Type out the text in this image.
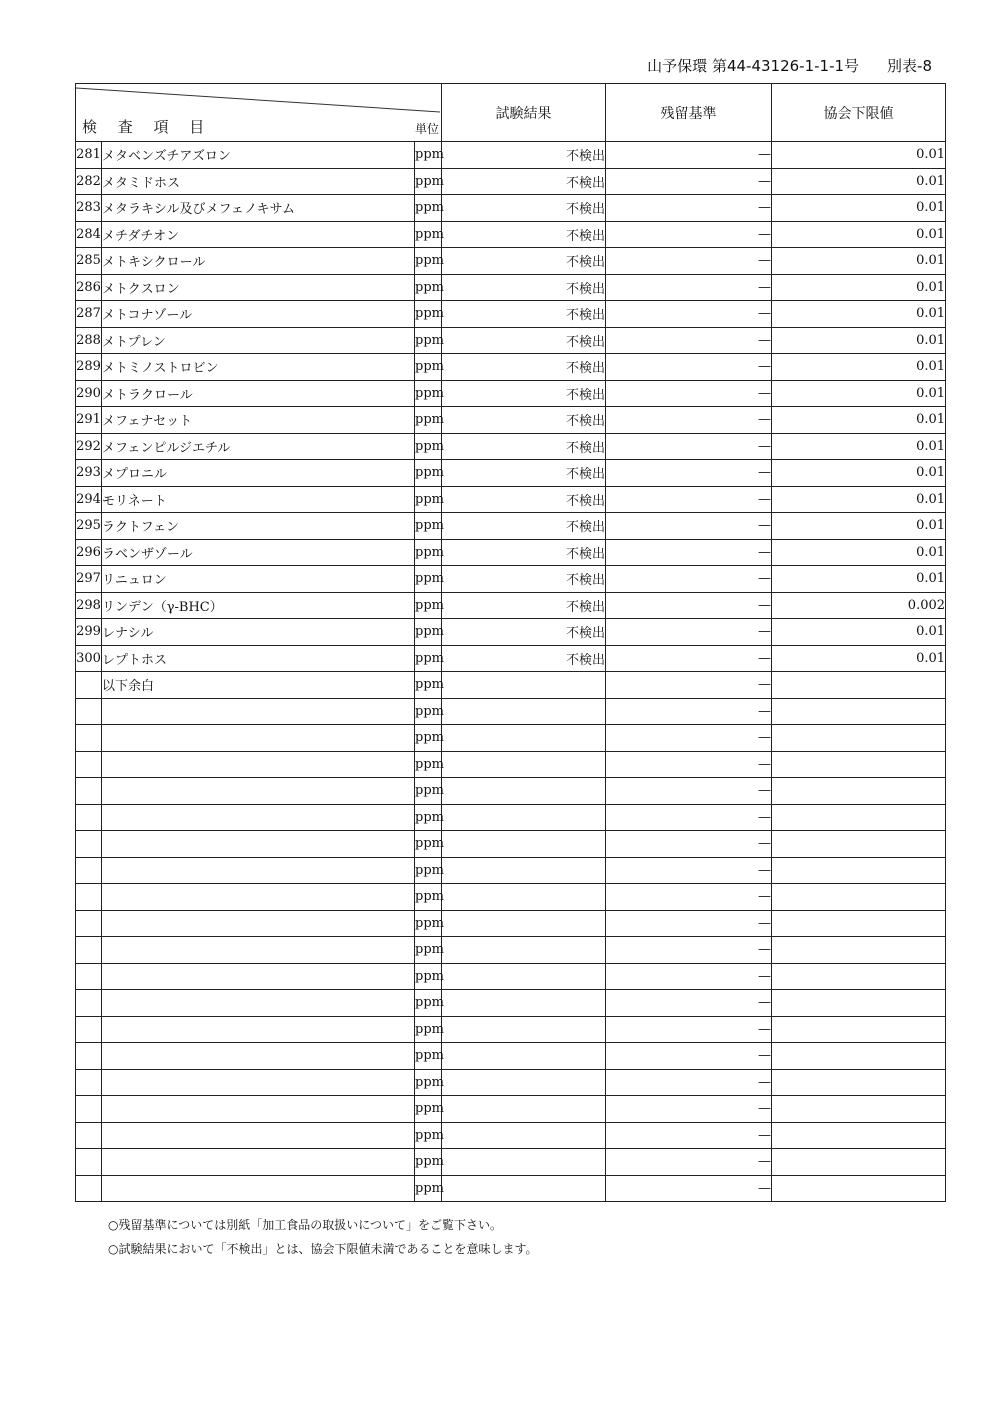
山予保環 第44-43126-1-1-1号 別表-8
検 査 項 目 単位			試験結果	残留基準	協会下限値
281	メタベンズチアズロン	ppm	不検出	—	0.01
282	メタミドホス	ppm	不検出	—	0.01
283	メタラキシル及びメフェノキサム	ppm	不検出	—	0.01
284	メチダチオン	ppm	不検出	—	0.01
285	メトキシクロール	ppm	不検出	—	0.01
286	メトクスロン	ppm	不検出	—	0.01
287	メトコナゾール	ppm	不検出	—	0.01
288	メトプレン	ppm	不検出	—	0.01
289	メトミノストロビン	ppm	不検出	—	0.01
290	メトラクロール	ppm	不検出	—	0.01
291	メフェナセット	ppm	不検出	—	0.01
292	メフェンピルジエチル	ppm	不検出	—	0.01
293	メプロニル	ppm	不検出	—	0.01
294	モリネート	ppm	不検出	—	0.01
295	ラクトフェン	ppm	不検出	—	0.01
296	ラベンザゾール	ppm	不検出	—	0.01
297	リニュロン	ppm	不検出	—	0.01
298	リンデン（γ-BHC）	ppm	不検出	—	0.002
299	レナシル	ppm	不検出	—	0.01
300	レプトホス	ppm	不検出	—	0.01
	以下余白	ppm		—	
		ppm		—	
		ppm		—	
		ppm		—	
		ppm		—	
		ppm		—	
		ppm		—	
		ppm		—	
		ppm		—	
		ppm		—	
		ppm		—	
		ppm		—	
		ppm		—	
		ppm		—	
		ppm		—	
		ppm		—	
		ppm		—	
		ppm		—	
		ppm		—	
		ppm		—	
○残留基準については別紙「加工食品の取扱いについて」をご覧下さい。
○試験結果において「不検出」とは、協会下限値未満であることを意味します。
